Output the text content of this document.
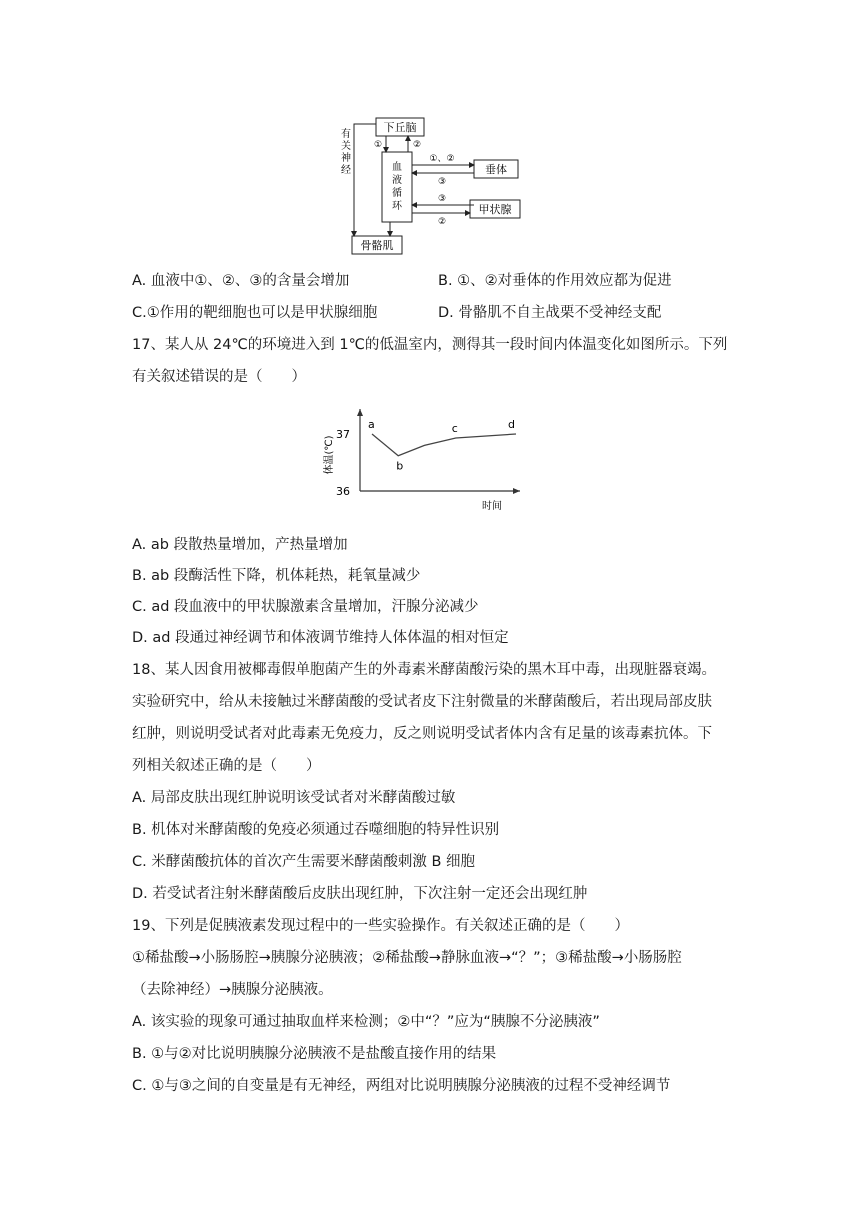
下丘脑
血
液
循
环
垂体
甲状腺
骨骼肌
有
关
神
经
①	②
①、②
③
③
②
A. 血液中①、②、③的含量会增加	B. ①、②对垂体的作用效应都为促进
C.①作用的靶细胞也可以是甲状腺细胞	D. 骨骼肌不自主战栗不受神经支配
17、某人从 24℃的环境进入到 1℃的低温室内，测得其一段时间内体温变化如图所示。下列
有关叙述错误的是（　　）
37
36
体温(℃)
时间
a
b
c	d
A. ab 段散热量增加，产热量增加
B. ab 段酶活性下降，机体耗热，耗氧量减少
C. ad 段血液中的甲状腺激素含量增加，汗腺分泌减少
D. ad 段通过神经调节和体液调节维持人体体温的相对恒定
18、某人因食用被椰毒假单胞菌产生的外毒素米酵菌酸污染的黑木耳中毒，出现脏器衰竭。
实验研究中，给从未接触过米酵菌酸的受试者皮下注射微量的米酵菌酸后，若出现局部皮肤
红肿，则说明受试者对此毒素无免疫力，反之则说明受试者体内含有足量的该毒素抗体。下
列相关叙述正确的是（　　）
A. 局部皮肤出现红肿说明该受试者对米酵菌酸过敏
B. 机体对米酵菌酸的免疫必须通过吞噬细胞的特异性识别
C. 米酵菌酸抗体的首次产生需要米酵菌酸刺激 B 细胞
D. 若受试者注射米酵菌酸后皮肤出现红肿，下次注射一定还会出现红肿
19、下列是促胰液素发现过程中的一些实验操作。有关叙述正确的是（　　）
①稀盐酸→小肠肠腔→胰腺分泌胰液；②稀盐酸→静脉血液→“？”；③稀盐酸→小肠肠腔
（去除神经）→胰腺分泌胰液。
A. 该实验的现象可通过抽取血样来检测；②中“？”应为“胰腺不分泌胰液”
B. ①与②对比说明胰腺分泌胰液不是盐酸直接作用的结果
C. ①与③之间的自变量是有无神经，两组对比说明胰腺分泌胰液的过程不受神经调节
